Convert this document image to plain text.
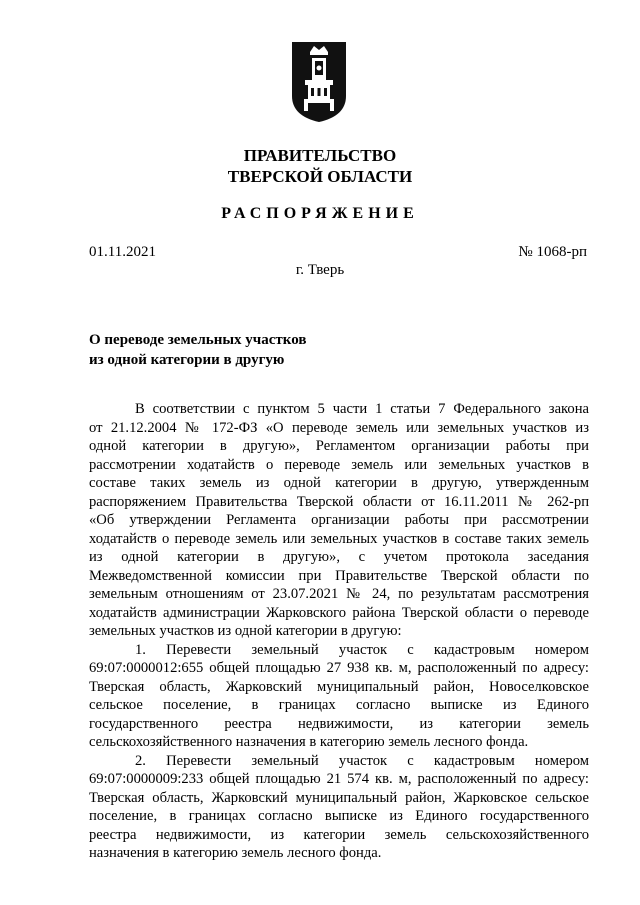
ПРАВИТЕЛЬСТВО
ТВЕРСКОЙ ОБЛАСТИ
РАСПОРЯЖЕНИЕ
01.11.2021	№ 1068-рп
г. Тверь
О переводе земельных участков
из одной категории в другую
В соответствии с пунктом 5 части 1 статьи 7 Федерального закона
от 21.12.2004 № 172-ФЗ «О переводе земель или земельных участков из
одной категории в другую», Регламентом организации работы при
рассмотрении ходатайств о переводе земель или земельных участков в
составе таких земель из одной категории в другую, утвержденным
распоряжением Правительства Тверской области от 16.11.2011 № 262-рп
«Об утверждении Регламента организации работы при рассмотрении
ходатайств о переводе земель или земельных участков в составе таких земель
из одной категории в другую», с учетом протокола заседания
Межведомственной комиссии при Правительстве Тверской области по
земельным отношениям от 23.07.2021 № 24, по результатам рассмотрения
ходатайств администрации Жарковского района Тверской области о переводе
земельных участков из одной категории в другую:
1. Перевести земельный участок с кадастровым номером
69:07:0000012:655 общей площадью 27 938 кв. м, расположенный по адресу:
Тверская область, Жарковский муниципальный район, Новоселковское
сельское поселение, в границах согласно выписке из Единого
государственного реестра недвижимости, из категории земель
сельскохозяйственного назначения в категорию земель лесного фонда.
2. Перевести земельный участок с кадастровым номером
69:07:0000009:233 общей площадью 21 574 кв. м, расположенный по адресу:
Тверская область, Жарковский муниципальный район, Жарковское сельское
поселение, в границах согласно выписке из Единого государственного
реестра недвижимости, из категории земель сельскохозяйственного
назначения в категорию земель лесного фонда.
